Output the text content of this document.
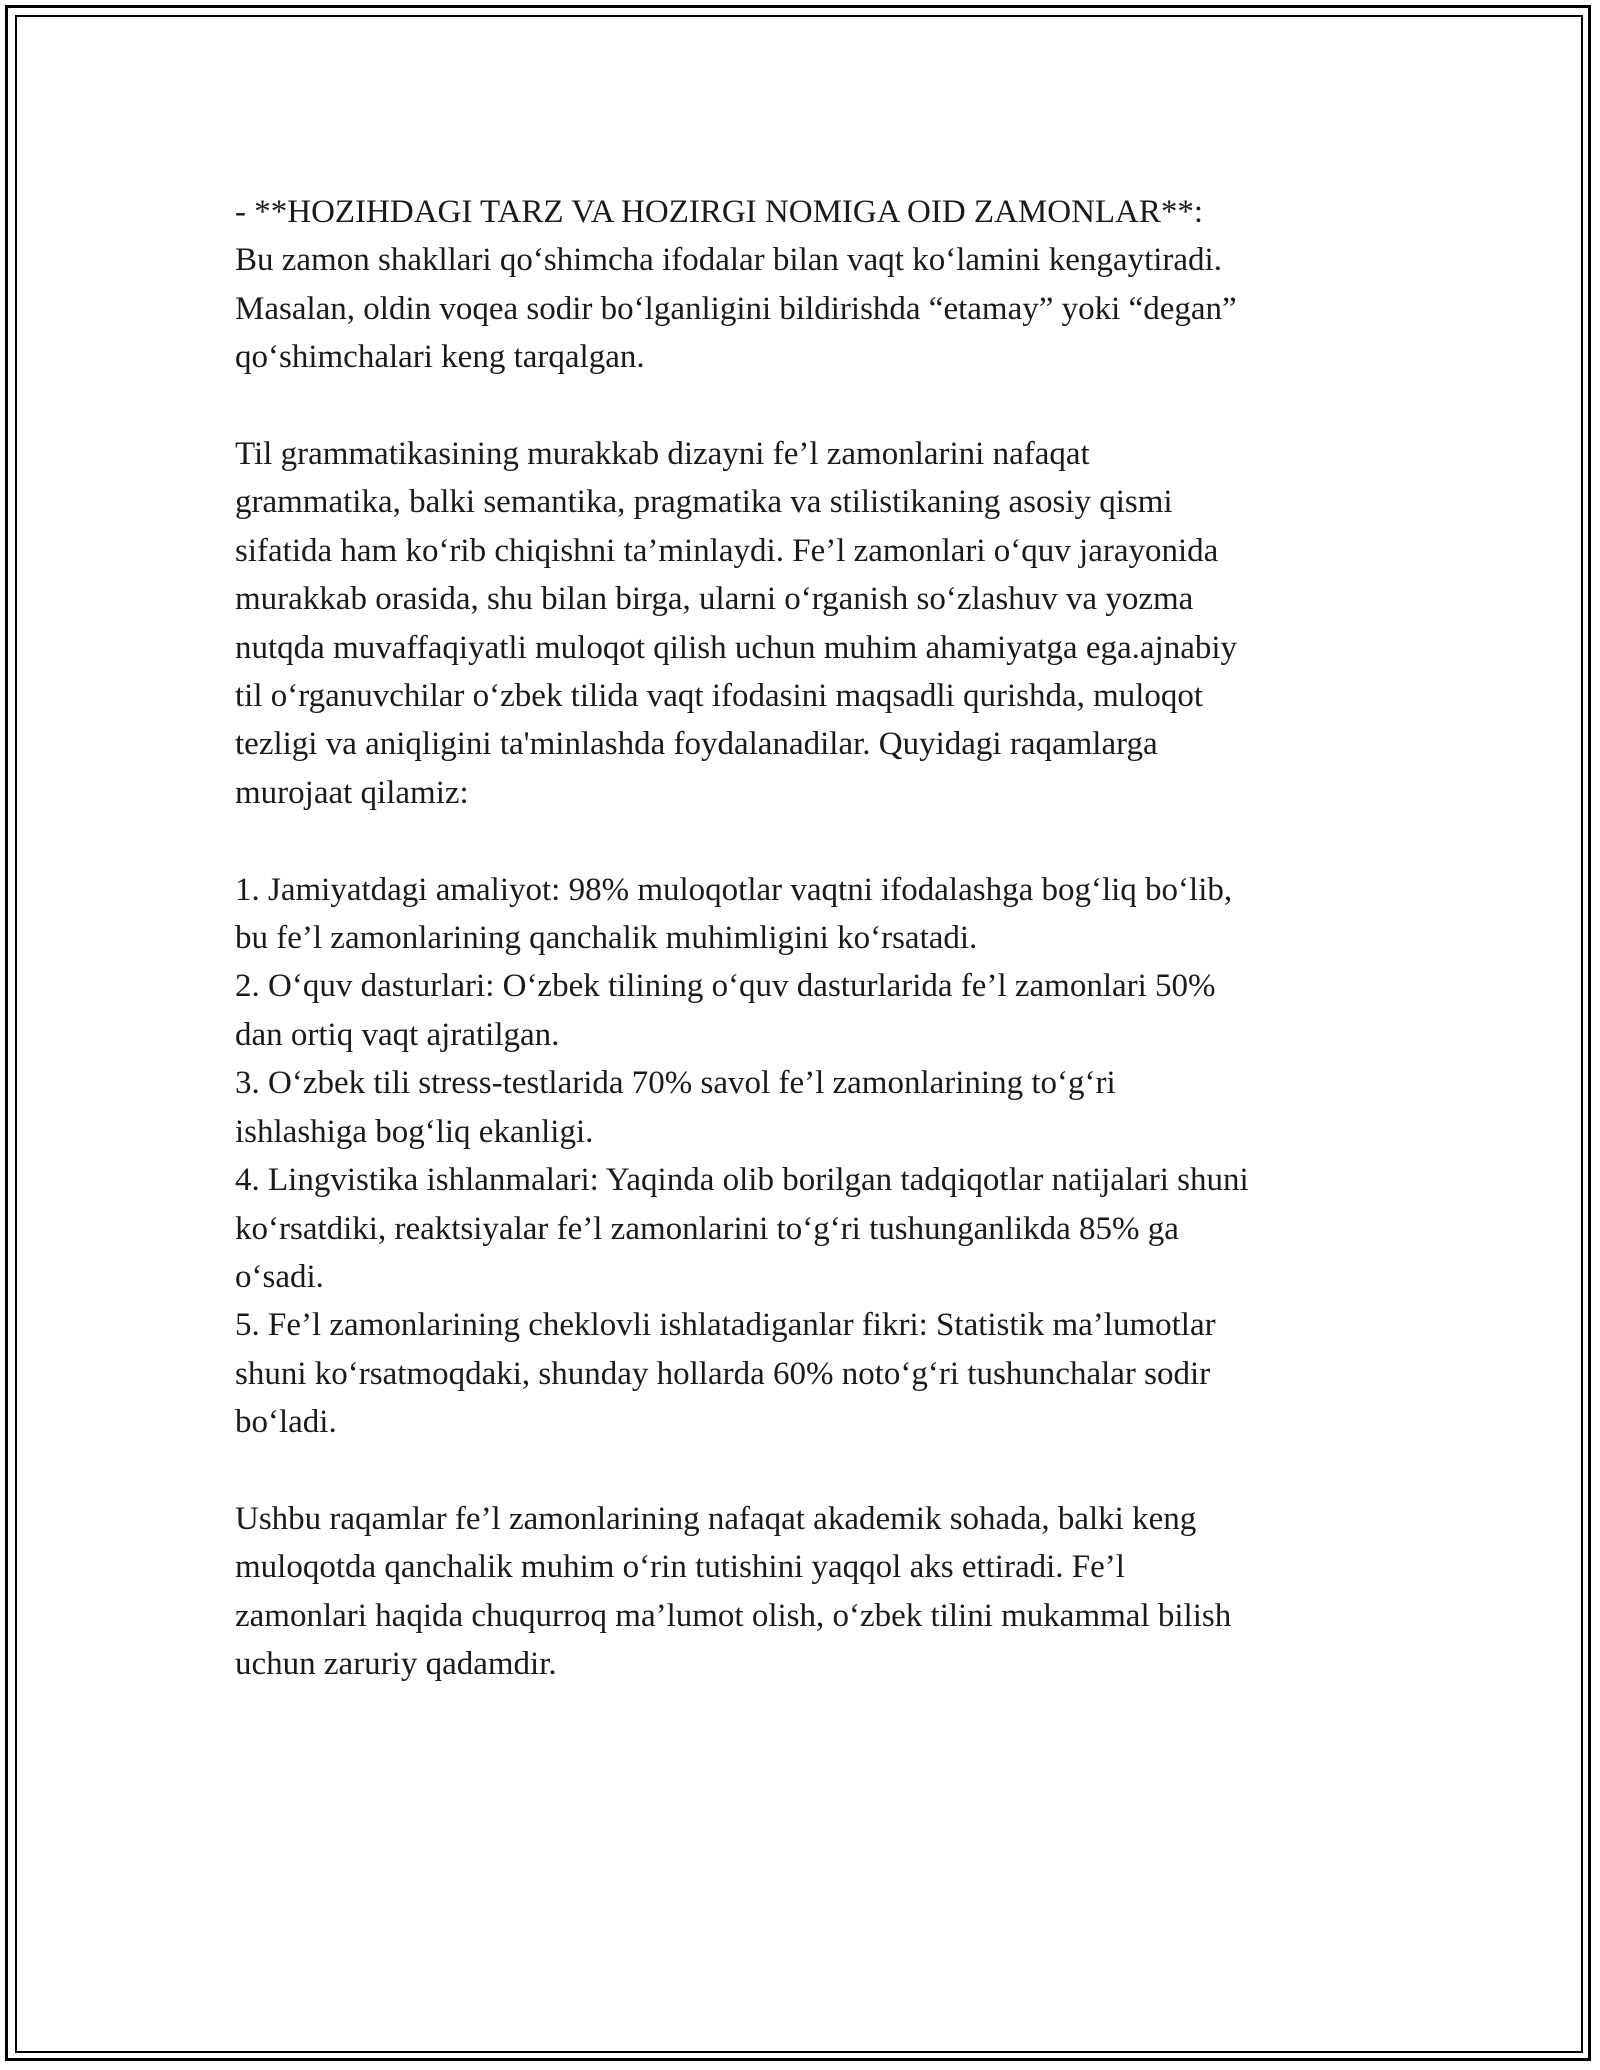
- **HOZIHDAGI TARZ VA HOZIRGI NOMIGA OID ZAMONLAR**:
Bu zamon shakllari qo‘shimcha ifodalar bilan vaqt ko‘lamini kengaytiradi.
Masalan, oldin voqea sodir bo‘lganligini bildirishda “etamay” yoki “degan”
qo‘shimchalari keng tarqalgan.

Til grammatikasining murakkab dizayni fe’l zamonlarini nafaqat
grammatika, balki semantika, pragmatika va stilistikaning asosiy qismi
sifatida ham ko‘rib chiqishni ta’minlaydi. Fe’l zamonlari o‘quv jarayonida
murakkab orasida, shu bilan birga, ularni o‘rganish so‘zlashuv va yozma
nutqda muvaffaqiyatli muloqot qilish uchun muhim ahamiyatga ega.ajnabiy
til o‘rganuvchilar o‘zbek tilida vaqt ifodasini maqsadli qurishda, muloqot
tezligi va aniqligini ta'minlashda foydalanadilar. Quyidagi raqamlarga
murojaat qilamiz:

1. Jamiyatdagi amaliyot: 98% muloqotlar vaqtni ifodalashga bog‘liq bo‘lib,
bu fe’l zamonlarining qanchalik muhimligini ko‘rsatadi.
2. O‘quv dasturlari: O‘zbek tilining o‘quv dasturlarida fe’l zamonlari 50%
dan ortiq vaqt ajratilgan.
3. O‘zbek tili stress-testlarida 70% savol fe’l zamonlarining to‘g‘ri
ishlashiga bog‘liq ekanligi.
4. Lingvistika ishlanmalari: Yaqinda olib borilgan tadqiqotlar natijalari shuni
ko‘rsatdiki, reaktsiyalar fe’l zamonlarini to‘g‘ri tushunganlikda 85% ga
o‘sadi.
5. Fe’l zamonlarining cheklovli ishlatadiganlar fikri: Statistik ma’lumotlar
shuni ko‘rsatmoqdaki, shunday hollarda 60% noto‘g‘ri tushunchalar sodir
bo‘ladi.

Ushbu raqamlar fe’l zamonlarining nafaqat akademik sohada, balki keng
muloqotda qanchalik muhim o‘rin tutishini yaqqol aks ettiradi. Fe’l
zamonlari haqida chuqurroq ma’lumot olish, o‘zbek tilini mukammal bilish
uchun zaruriy qadamdir.
